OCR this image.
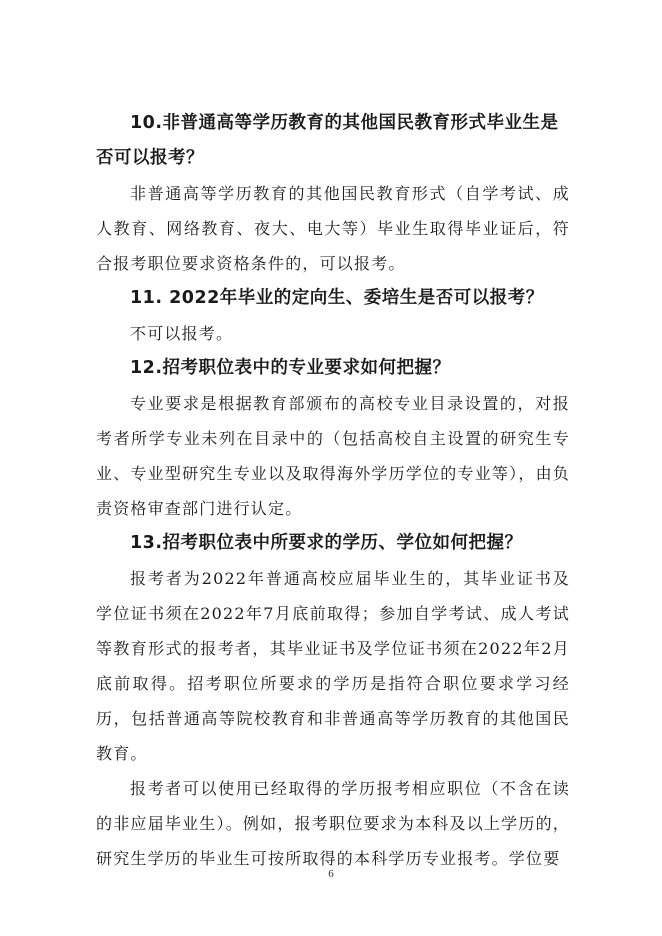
10.非普通高等学历教育的其他国民教育形式毕业生是否可以报考？

非普通高等学历教育的其他国民教育形式（自学考试、成人教育、网络教育、夜大、电大等）毕业生取得毕业证后，符合报考职位要求资格条件的，可以报考。

11. 2022年毕业的定向生、委培生是否可以报考？

不可以报考。

12.招考职位表中的专业要求如何把握？

专业要求是根据教育部颁布的高校专业目录设置的，对报考者所学专业未列在目录中的（包括高校自主设置的研究生专业、专业型研究生专业以及取得海外学历学位的专业等），由负责资格审查部门进行认定。

13.招考职位表中所要求的学历、学位如何把握？

报考者为2022年普通高校应届毕业生的，其毕业证书及学位证书须在2022年7月底前取得；参加自学考试、成人考试等教育形式的报考者，其毕业证书及学位证书须在2022年2月底前取得。招考职位所要求的学历是指符合职位要求学习经历，包括普通高等院校教育和非普通高等学历教育的其他国民教育。

报考者可以使用已经取得的学历报考相应职位（不含在读的非应届毕业生）。例如，报考职位要求为本科及以上学历的，研究生学历的毕业生可按所取得的本科学历专业报考。学位要

6
